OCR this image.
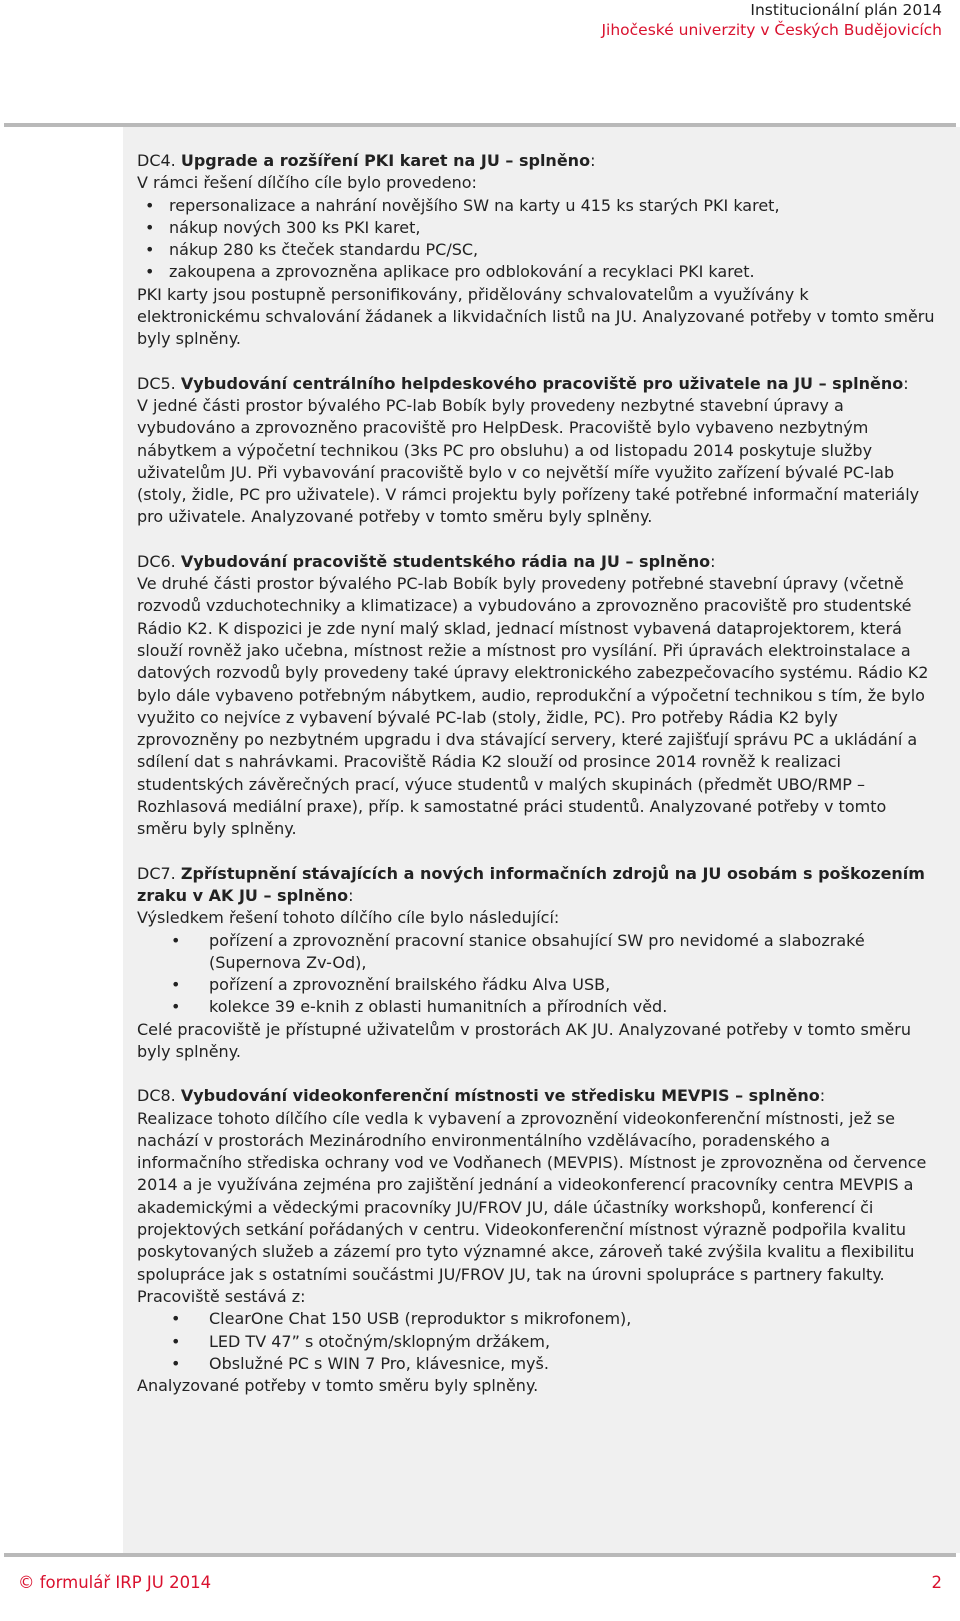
Institucionální plán 2014
Jihočeské univerzity v Českých Budějovicích

DC4. Upgrade a rozšíření PKI karet na JU – splněno:

V rámci řešení dílčího cíle bylo provedeno:

• repersonalizace a nahrání novějšího SW na karty u 415 ks starých PKI karet,
• nákup nových 300 ks PKI karet,
• nákup 280 ks čteček standardu PC/SC,
• zakoupena a zprovozněna aplikace pro odblokování a recyklaci PKI karet.

PKI karty jsou postupně personifikovány, přidělovány schvalovatelům a využívány k elektronickému schvalování žádanek a likvidačních listů na JU. Analyzované potřeby v tomto směru byly splněny.

DC5. Vybudování centrálního helpdeskového pracoviště pro uživatele na JU – splněno:

V jedné části prostor bývalého PC-lab Bobík byly provedeny nezbytné stavební úpravy a vybudováno a zprovozněno pracoviště pro HelpDesk. Pracoviště bylo vybaveno nezbytným nábytkem a výpočetní technikou (3ks PC pro obsluhu) a od listopadu 2014 poskytuje služby uživatelům JU. Při vybavování pracoviště bylo v co největší míře využito zařízení bývalé PC-lab (stoly, židle, PC pro uživatele). V rámci projektu byly pořízeny také potřebné informační materiály pro uživatele. Analyzované potřeby v tomto směru byly splněny.

DC6. Vybudování pracoviště studentského rádia na JU – splněno:

Ve druhé části prostor bývalého PC-lab Bobík byly provedeny potřebné stavební úpravy (včetně rozvodů vzduchotechniky a klimatizace) a vybudováno a zprovozněno pracoviště pro studentské Rádio K2. K dispozici je zde nyní malý sklad, jednací místnost vybavená dataprojektorem, která slouží rovněž jako učebna, místnost režie a místnost pro vysílání. Při úpravách elektroinstalace a datových rozvodů byly provedeny také úpravy elektronického zabezpečovacího systému. Rádio K2 bylo dále vybaveno potřebným nábytkem, audio, reprodukční a výpočetní technikou s tím, že bylo využito co nejvíce z vybavení bývalé PC-lab (stoly, židle, PC). Pro potřeby Rádia K2 byly zprovozněny po nezbytném upgradu i dva stávající servery, které zajišťují správu PC a ukládání a sdílení dat s nahrávkami. Pracoviště Rádia K2 slouží od prosince 2014 rovněž k realizaci studentských závěrečných prací, výuce studentů v malých skupinách (předmět UBO/RMP – Rozhlasová mediální praxe), příp. k samostatné práci studentů. Analyzované potřeby v tomto směru byly splněny.

DC7. Zpřístupnění stávajících a nových informačních zdrojů na JU osobám s poškozením zraku v AK JU – splněno:

Výsledkem řešení tohoto dílčího cíle bylo následující:

• pořízení a zprovoznění pracovní stanice obsahující SW pro nevidomé a slabozraké (Supernova Zv-Od),
• pořízení a zprovoznění brailského řádku Alva USB,
• kolekce 39 e-knih z oblasti humanitních a přírodních věd.

Celé pracoviště je přístupné uživatelům v prostorách AK JU. Analyzované potřeby v tomto směru byly splněny.

DC8. Vybudování videokonferenční místnosti ve středisku MEVPIS – splněno:

Realizace tohoto dílčího cíle vedla k vybavení a zprovoznění videokonferenční místnosti, jež se nachází v prostorách Mezinárodního environmentálního vzdělávacího, poradenského a informačního střediska ochrany vod ve Vodňanech (MEVPIS). Místnost je zprovozněna od července 2014 a je využívána zejména pro zajištění jednání a videokonferencí pracovníky centra MEVPIS a akademickými a vědeckými pracovníky JU/FROV JU, dále účastníky workshopů, konferencí či projektových setkání pořádaných v centru. Videokonferenční místnost výrazně podpořila kvalitu poskytovaných služeb a zázemí pro tyto významné akce, zároveň také zvýšila kvalitu a flexibilitu spolupráce jak s ostatními součástmi JU/FROV JU, tak na úrovni spolupráce s partnery fakulty. Pracoviště sestává z:

• ClearOne Chat 150 USB (reproduktor s mikrofonem),
• LED TV 47” s otočným/sklopným držákem,
• Obslužné PC s WIN 7 Pro, klávesnice, myš.

Analyzované potřeby v tomto směru byly splněny.

© formulář IRP JU 2014	2
